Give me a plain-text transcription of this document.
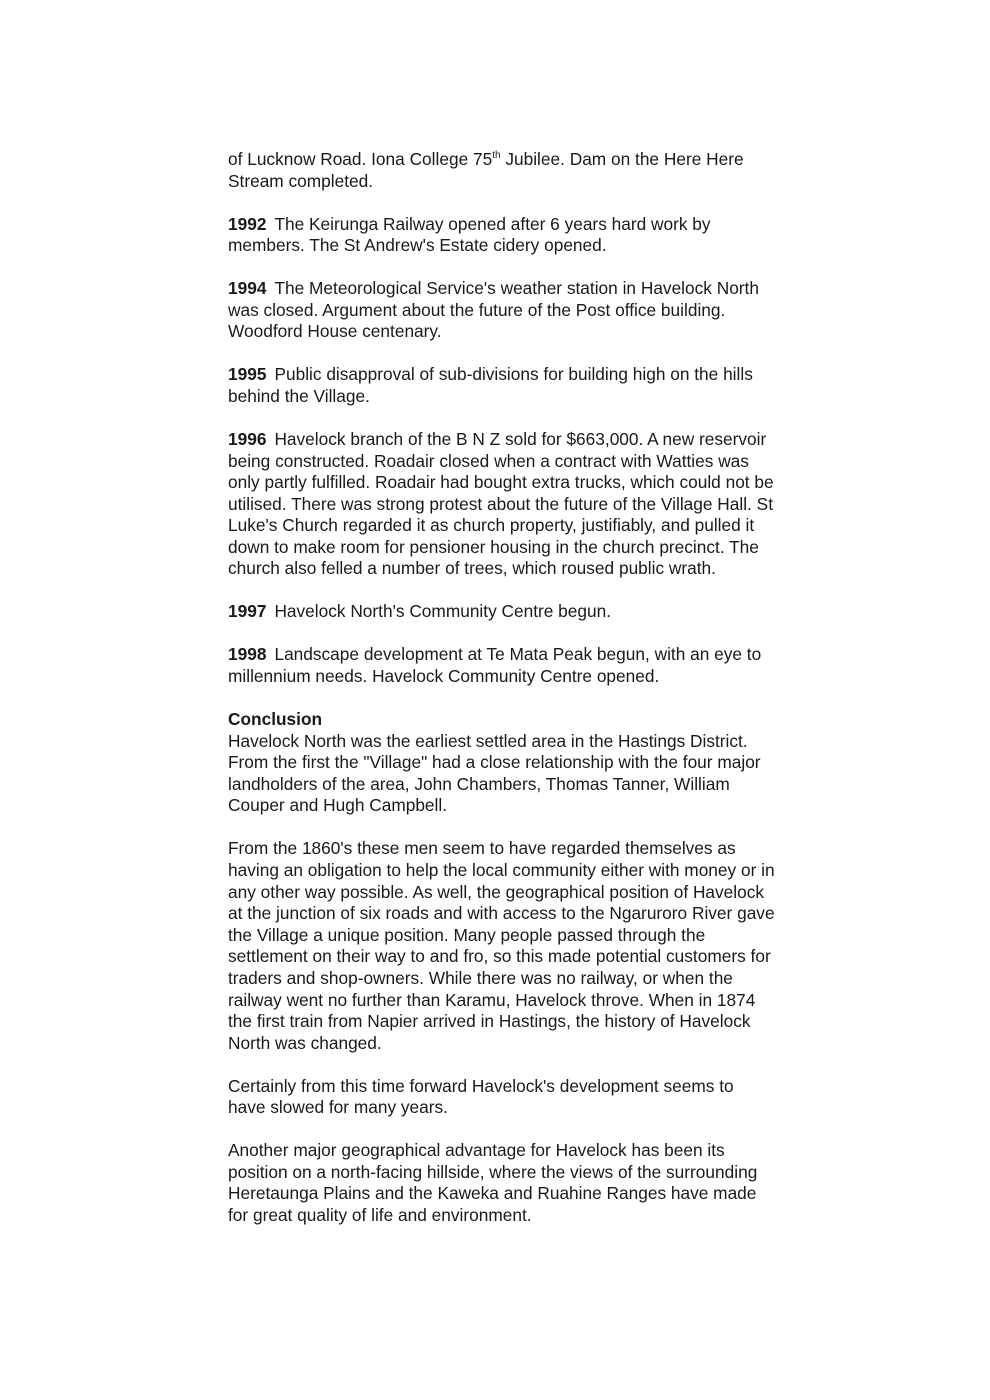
of Lucknow Road. Iona College 75th Jubilee. Dam on the Here Here
Stream completed.
1992 The Keirunga Railway opened after 6 years hard work by
members. The St Andrew's Estate cidery opened.
1994 The Meteorological Service's weather station in Havelock North
was closed. Argument about the future of the Post office building.
Woodford House centenary.
1995 Public disapproval of sub-divisions for building high on the hills
behind the Village.
1996 Havelock branch of the B N Z sold for $663,000. A new reservoir
being constructed. Roadair closed when a contract with Watties was
only partly fulfilled. Roadair had bought extra trucks, which could not be
utilised. There was strong protest about the future of the Village Hall. St
Luke's Church regarded it as church property, justifiably, and pulled it
down to make room for pensioner housing in the church precinct. The
church also felled a number of trees, which roused public wrath.
1997 Havelock North's Community Centre begun.
1998 Landscape development at Te Mata Peak begun, with an eye to
millennium needs. Havelock Community Centre opened.
Conclusion
Havelock North was the earliest settled area in the Hastings District.
From the first the "Village" had a close relationship with the four major
landholders of the area, John Chambers, Thomas Tanner, William
Couper and Hugh Campbell.
From the 1860's these men seem to have regarded themselves as
having an obligation to help the local community either with money or in
any other way possible. As well, the geographical position of Havelock
at the junction of six roads and with access to the Ngaruroro River gave
the Village a unique position. Many people passed through the
settlement on their way to and fro, so this made potential customers for
traders and shop-owners. While there was no railway, or when the
railway went no further than Karamu, Havelock throve. When in 1874
the first train from Napier arrived in Hastings, the history of Havelock
North was changed.
Certainly from this time forward Havelock's development seems to
have slowed for many years.
Another major geographical advantage for Havelock has been its
position on a north-facing hillside, where the views of the surrounding
Heretaunga Plains and the Kaweka and Ruahine Ranges have made
for great quality of life and environment.
